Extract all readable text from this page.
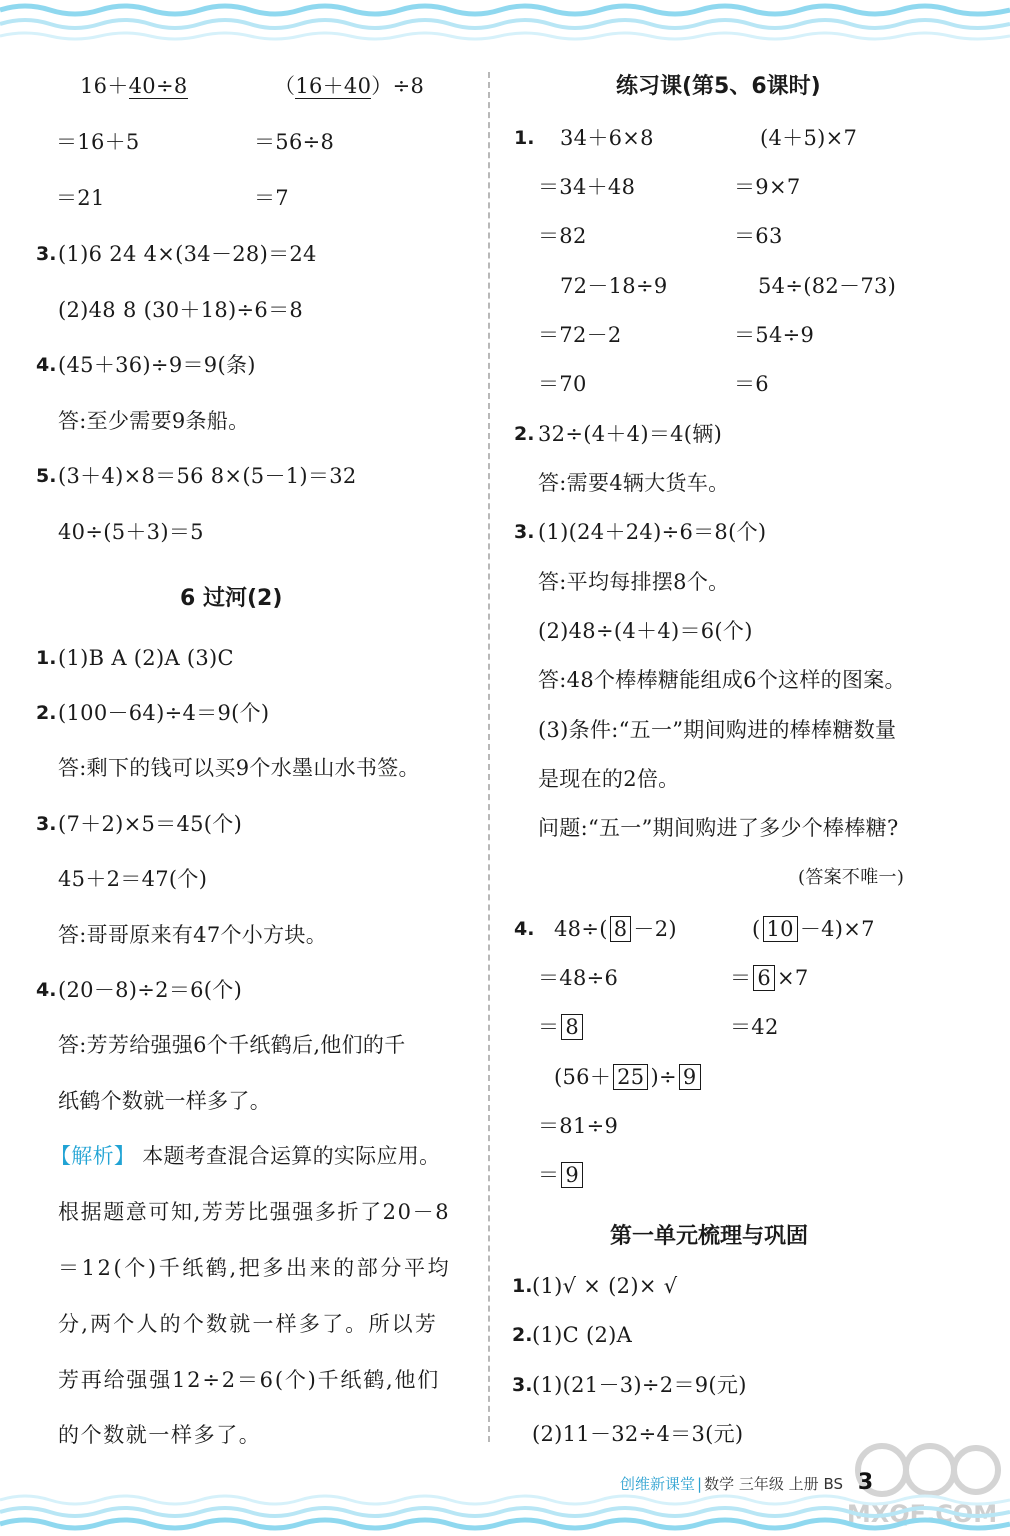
16＋40÷8	（16＋40）÷8
＝16＋5	＝56÷8
＝21	＝7
3. (1)6 24 4×(34－28)＝24
(2)48 8 (30＋18)÷6＝8
4. (45＋36)÷9＝9(条)
答:至少需要9条船。
5. (3＋4)×8＝56 8×(5－1)＝32
40÷(5＋3)＝5
6 过河(2)
1. (1)B A (2)A (3)C
2. (100－64)÷4＝9(个)
答:剩下的钱可以买9个水墨山水书签。
3. (7＋2)×5＝45(个)
45＋2＝47(个)
答:哥哥原来有47个小方块。
4. (20－8)÷2＝6(个)
答:芳芳给强强6个千纸鹤后,他们的千
纸鹤个数就一样多了。
【解析】 本题考查混合运算的实际应用。
根据题意可知,芳芳比强强多折了20－8
＝12(个)千纸鹤,把多出来的部分平均
分,两个人的个数就一样多了。所以芳
芳再给强强12÷2＝6(个)千纸鹤,他们
的个数就一样多了。
练习课(第5、6课时)
1. 34＋6×8	(4＋5)×7
＝34＋48	＝9×7
＝82	＝63
72－18÷9	54÷(82－73)
＝72－2	＝54÷9
＝70	＝6
2. 32÷(4＋4)＝4(辆)
答:需要4辆大货车。
3. (1)(24＋24)÷6＝8(个)
答:平均每排摆8个。
(2)48÷(4＋4)＝6(个)
答:48个棒棒糖能组成6个这样的图案。
(3)条件:“五一”期间购进的棒棒糖数量
是现在的2倍。
问题:“五一”期间购进了多少个棒棒糖?
(答案不唯一)
4. 48÷( 8 －2)	( 10 －4)×7
＝48÷6	＝ 6 ×7
＝ 8	＝42
(56＋ 25 )÷ 9
＝81÷9
＝ 9
第一单元梳理与巩固
1. (1)√ × (2)× √
2. (1)C (2)A
3. (1)(21－3)÷2＝9(元)
(2)11－32÷4＝3(元)
MXQE.COM
创维新课堂 | 数学 三年级 上册 BS 3
